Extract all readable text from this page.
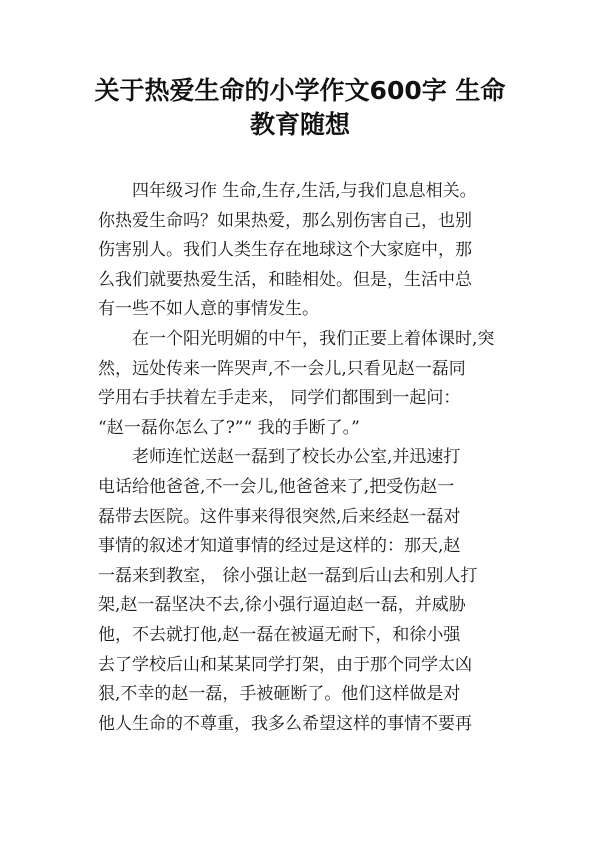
关于热爱生命的小学作文600字 生命
教育随想
四年级习作 生命,生存,生活,与我们息息相关。
你热爱生命吗？如果热爱，那么别伤害自己，也别
伤害别人。我们人类生存在地球这个大家庭中，那
么我们就要热爱生活，和睦相处。但是，生活中总
有一些不如人意的事情发生。
在一个阳光明媚的中午，我们正要上着体课时,突
然，远处传来一阵哭声,不一会儿,只看见赵一磊同
学用右手扶着左手走来， 同学们都围到一起问：
“赵一磊你怎么了?”“ 我的手断了。”
老师连忙送赵一磊到了校长办公室,并迅速打
电话给他爸爸,不一会儿,他爸爸来了,把受伤赵一
磊带去医院。这件事来得很突然,后来经赵一磊对
事情的叙述才知道事情的经过是这样的：那天,赵
一磊来到教室， 徐小强让赵一磊到后山去和别人打
架,赵一磊坚决不去,徐小强行逼迫赵一磊，并威胁
他，不去就打他,赵一磊在被逼无耐下，和徐小强
去了学校后山和某某同学打架，由于那个同学太凶
狠,不幸的赵一磊，手被砸断了。他们这样做是对
他人生命的不尊重，我多么希望这样的事情不要再
